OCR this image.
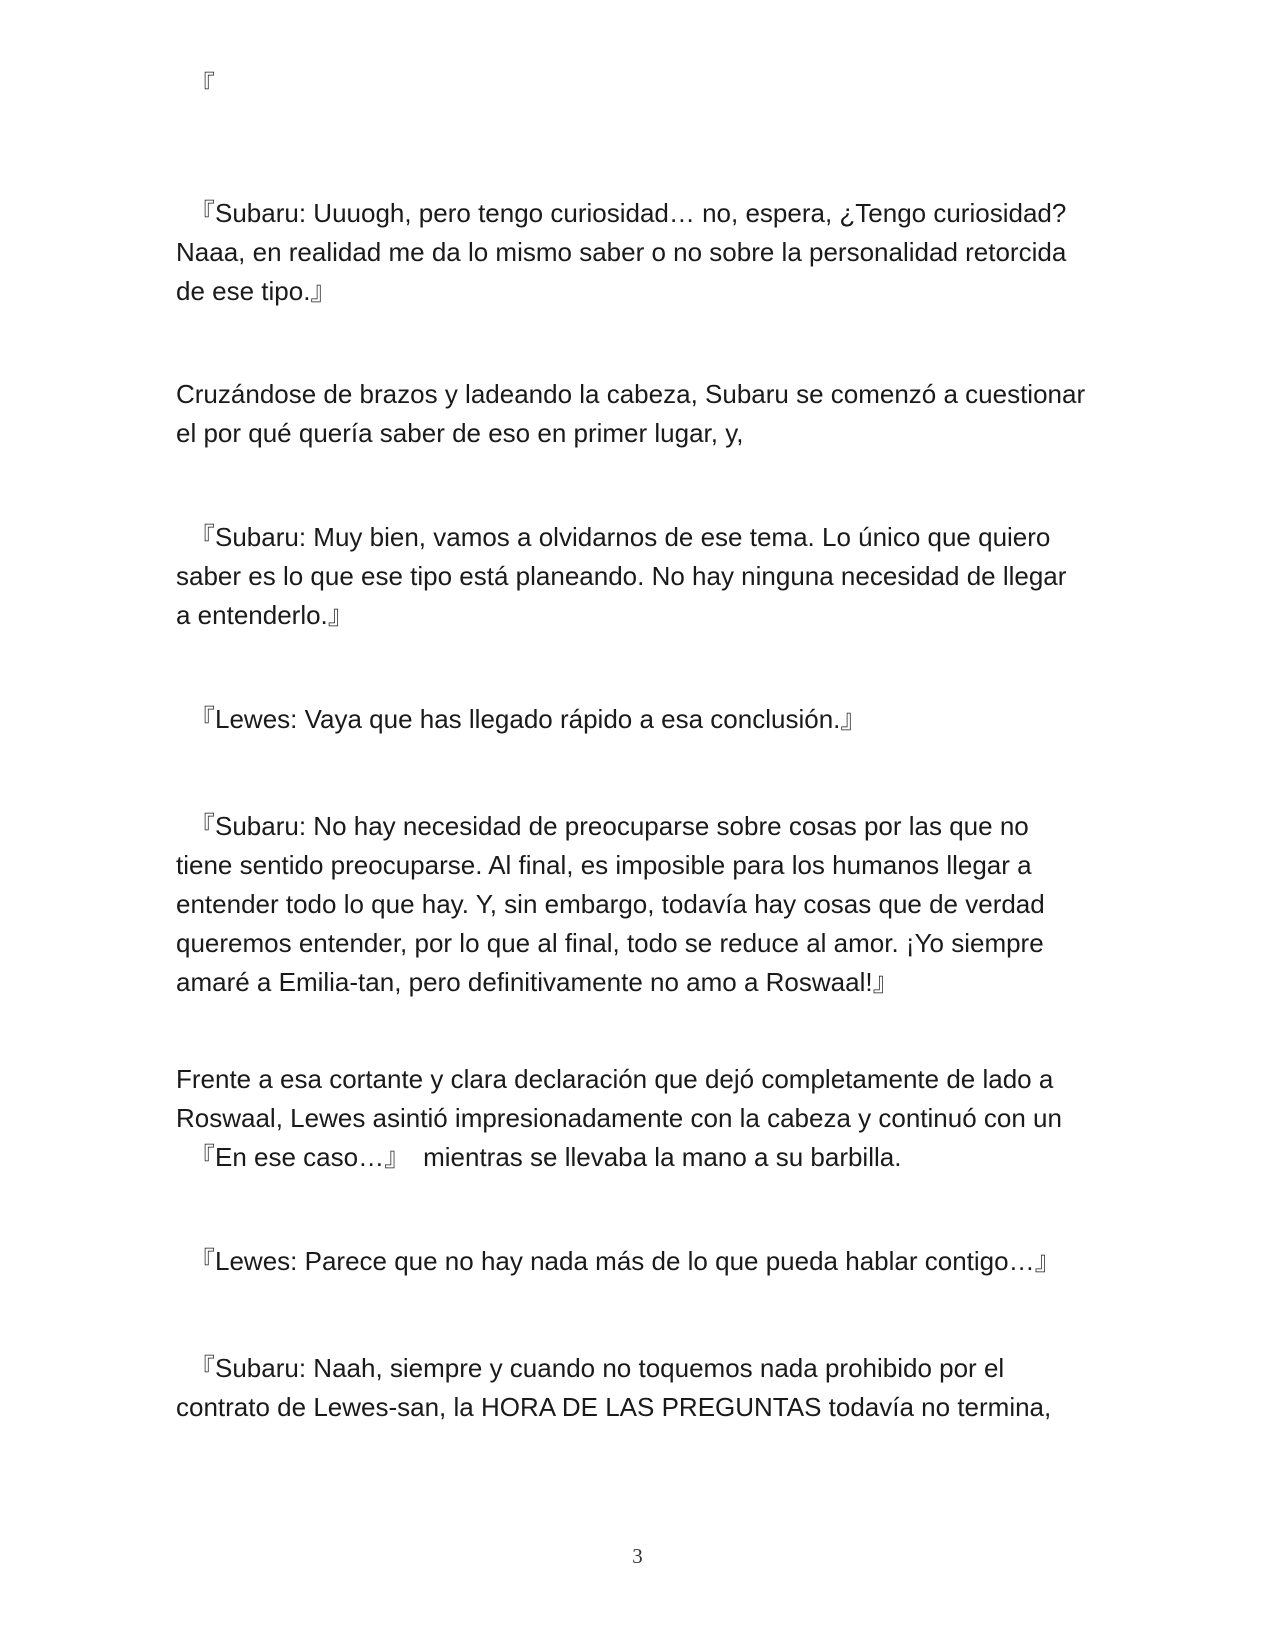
　『
　『Subaru: Uuuogh, pero tengo curiosidad… no, espera, ¿Tengo curiosidad?
Naaa, en realidad me da lo mismo saber o no sobre la personalidad retorcida
de ese tipo.』
Cruzándose de brazos y ladeando la cabeza, Subaru se comenzó a cuestionar
el por qué quería saber de eso en primer lugar, y,
　『Subaru: Muy bien, vamos a olvidarnos de ese tema. Lo único que quiero
saber es lo que ese tipo está planeando. No hay ninguna necesidad de llegar
a entenderlo.』
　『Lewes: Vaya que has llegado rápido a esa conclusión.』
　『Subaru: No hay necesidad de preocuparse sobre cosas por las que no
tiene sentido preocuparse. Al final, es imposible para los humanos llegar a
entender todo lo que hay. Y, sin embargo, todavía hay cosas que de verdad
queremos entender, por lo que al final, todo se reduce al amor. ¡Yo siempre
amaré a Emilia-tan, pero definitivamente no amo a Roswaal!』
Frente a esa cortante y clara declaración que dejó completamente de lado a
Roswaal, Lewes asintió impresionadamente con la cabeza y continuó con un
　『En ese caso…』　mientras se llevaba la mano a su barbilla.
　『Lewes: Parece que no hay nada más de lo que pueda hablar contigo…』
　『Subaru: Naah, siempre y cuando no toquemos nada prohibido por el
contrato de Lewes-san, la HORA DE LAS PREGUNTAS todavía no termina,
3
